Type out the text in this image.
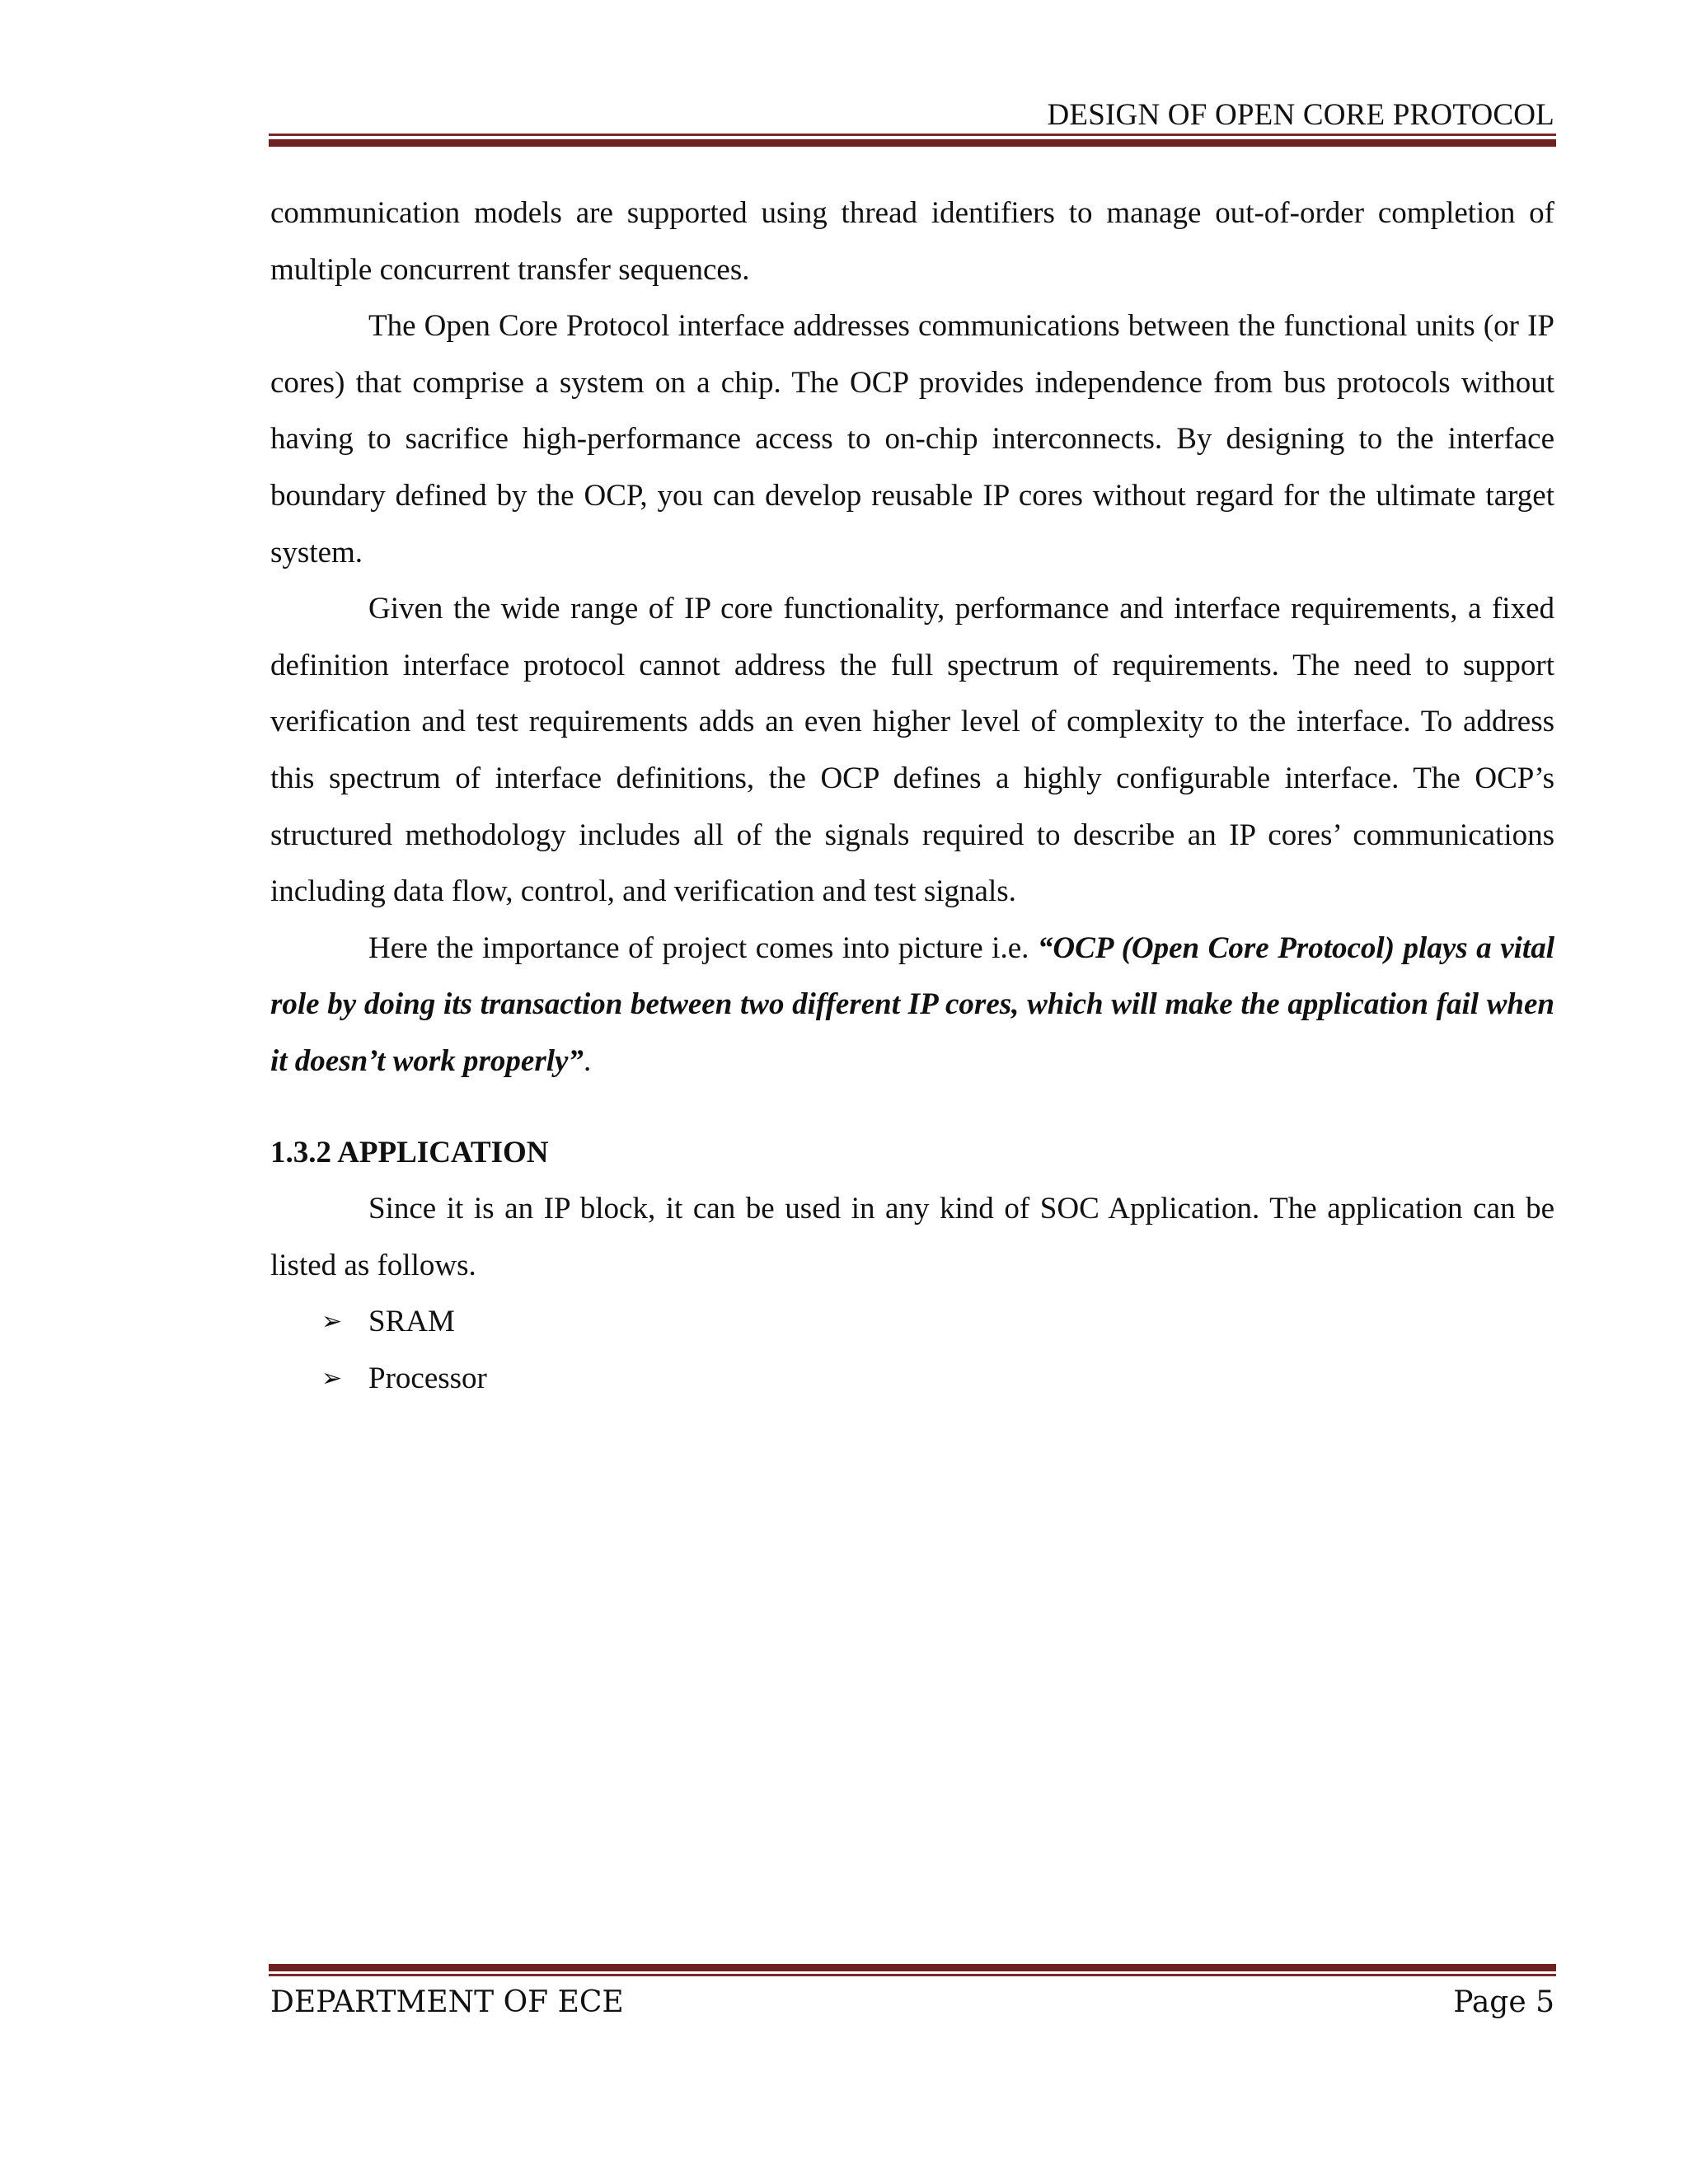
DESIGN OF OPEN CORE PROTOCOL

communication models are supported using thread identifiers to manage out-of-order completion of multiple concurrent transfer sequences.

The Open Core Protocol interface addresses communications between the functional units (or IP cores) that comprise a system on a chip. The OCP provides independence from bus protocols without having to sacrifice high-performance access to on-chip interconnects. By designing to the interface boundary defined by the OCP, you can develop reusable IP cores without regard for the ultimate target system.

Given the wide range of IP core functionality, performance and interface requirements, a fixed definition interface protocol cannot address the full spectrum of requirements. The need to support verification and test requirements adds an even higher level of complexity to the interface. To address this spectrum of interface definitions, the OCP defines a highly configurable interface. The OCP’s structured methodology includes all of the signals required to describe an IP cores’ communications including data flow, control, and verification and test signals.

Here the importance of project comes into picture i.e. “OCP (Open Core Protocol) plays a vital role by doing its transaction between two different IP cores, which will make the application fail when it doesn’t work properly”.

1.3.2 APPLICATION

Since it is an IP block, it can be used in any kind of SOC Application. The application can be listed as follows.

➢ SRAM
➢ Processor
DEPARTMENT OF ECE	Page 5
